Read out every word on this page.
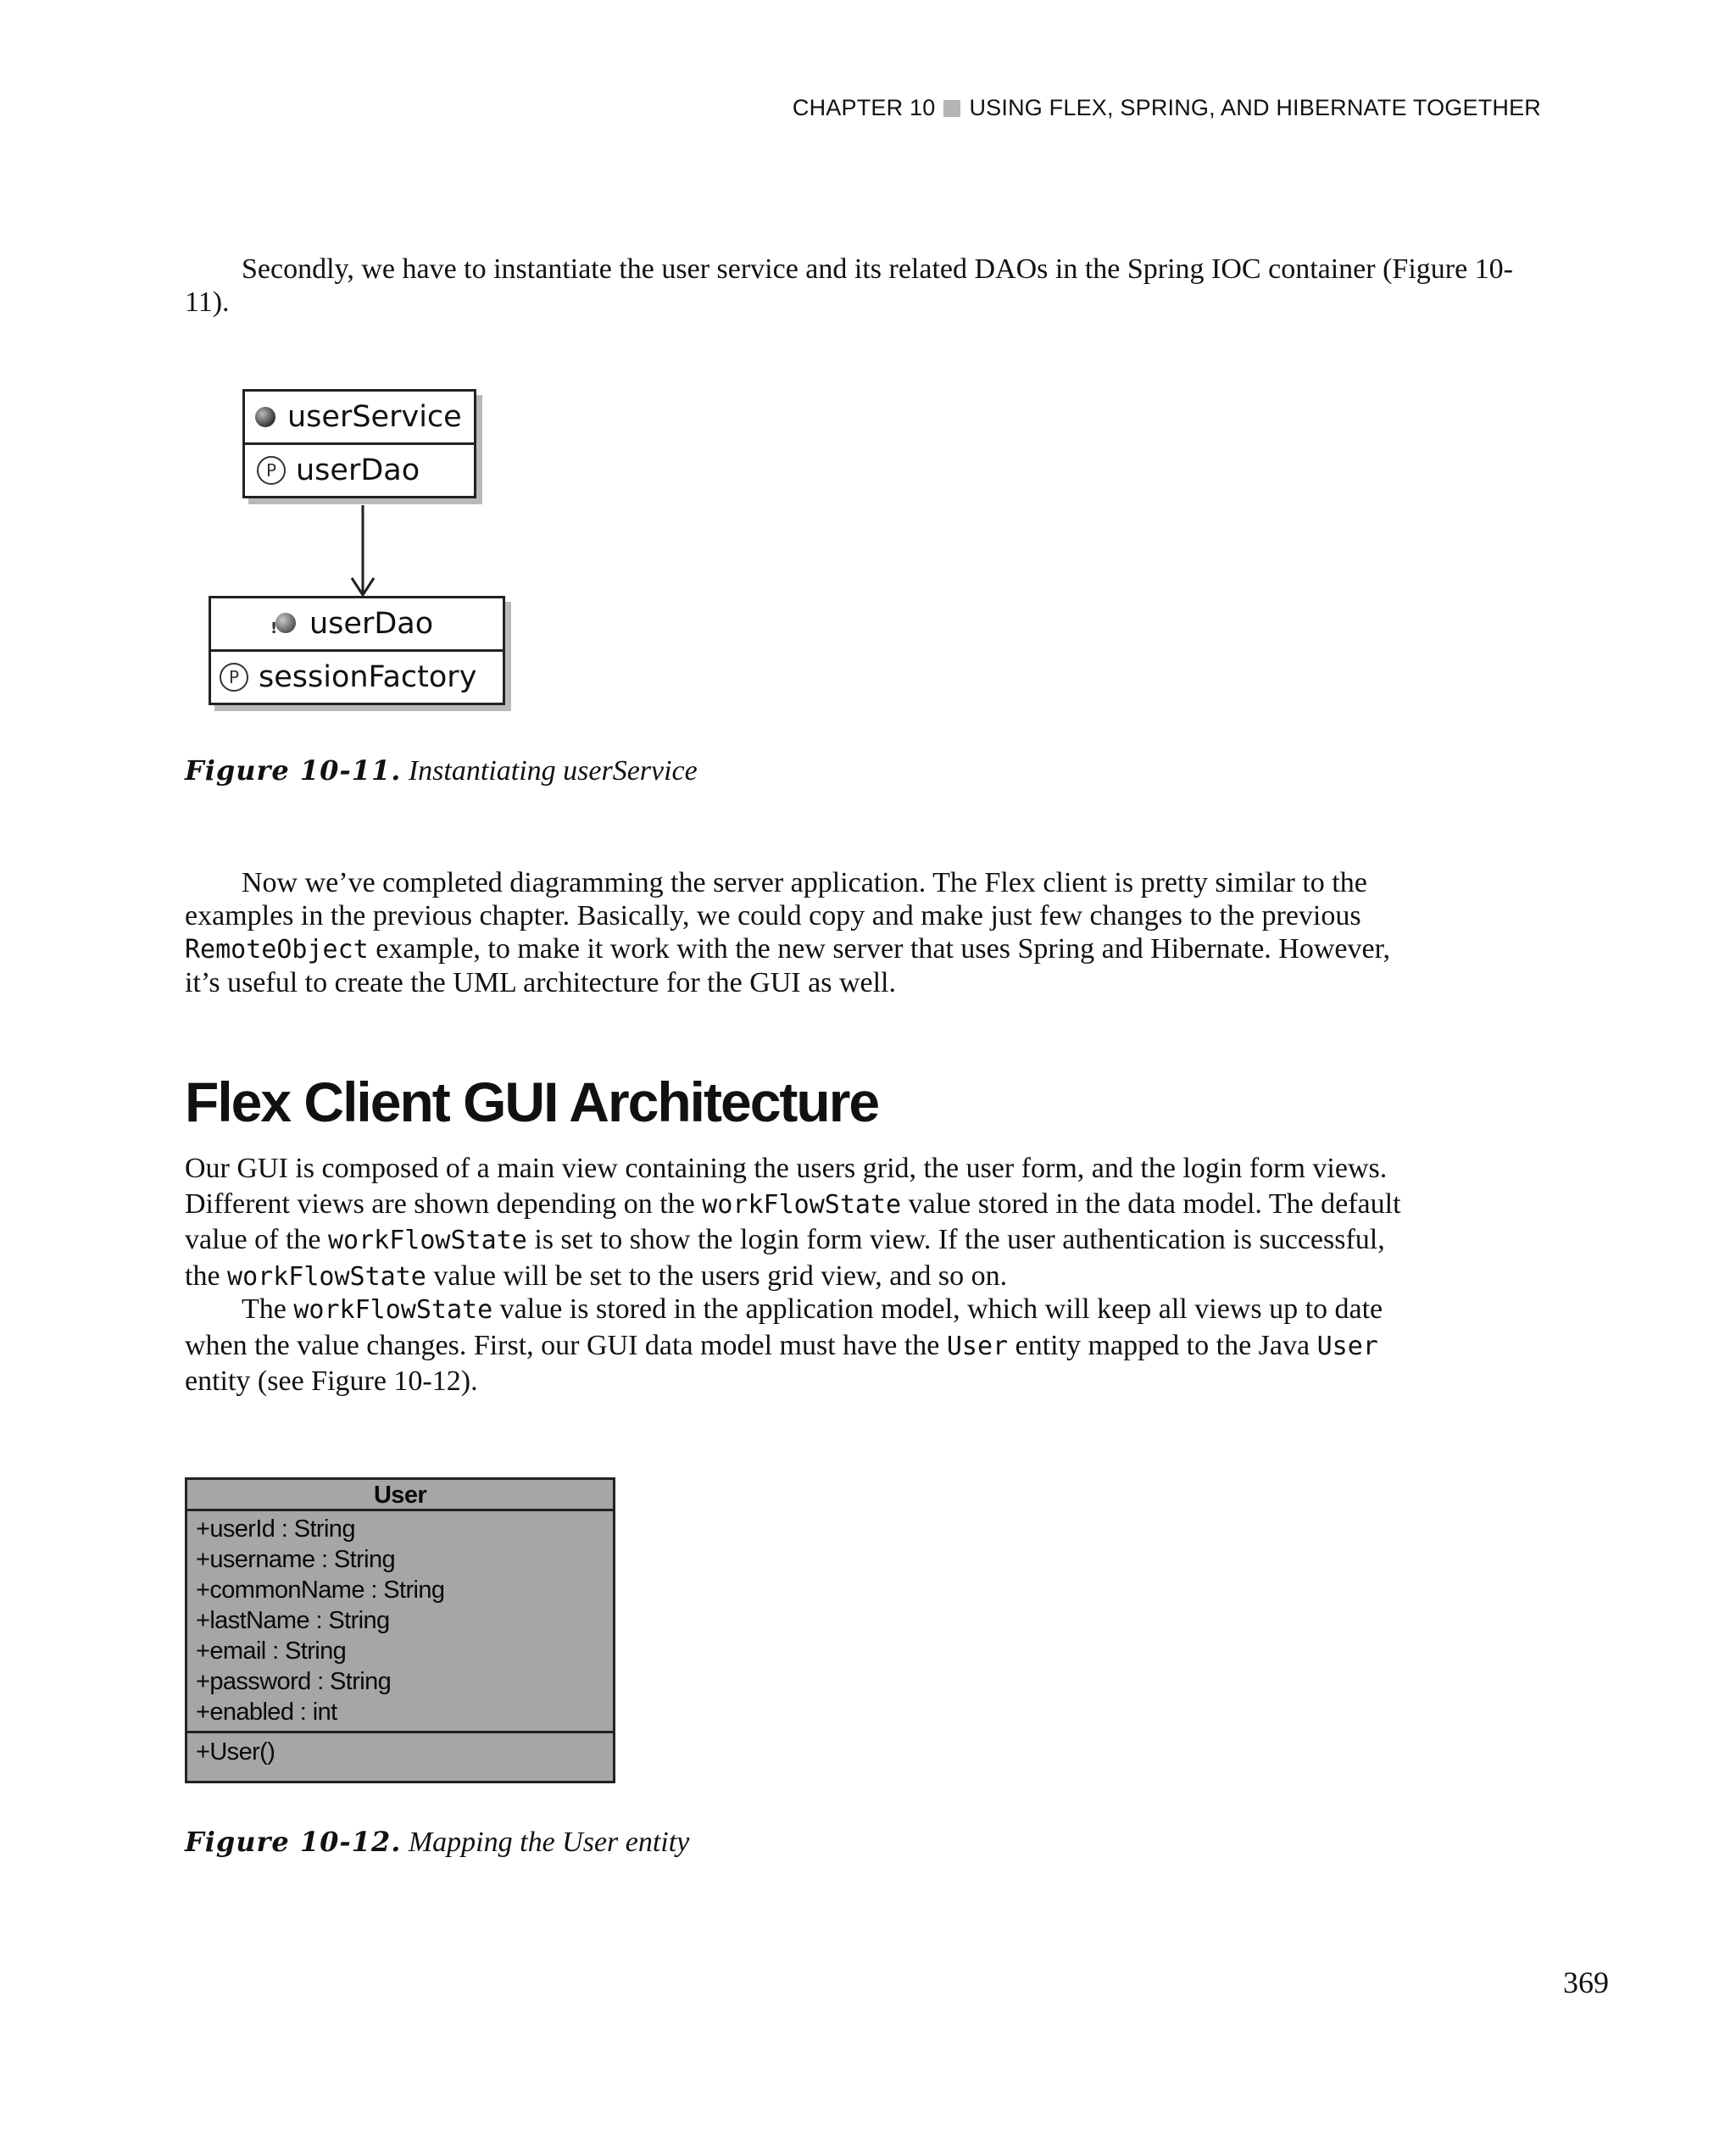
CHAPTER 10 USING FLEX, SPRING, AND HIBERNATE TOGETHER

Secondly, we have to instantiate the user service and its related DAOs in the Spring IOC container (Figure 10-11).

userService
P userDao
!
userDao
P sessionFactory
Figure 10-11. Instantiating userService

Now we’ve completed diagramming the server application. The Flex client is pretty similar to the

examples in the previous chapter. Basically, we could copy and make just few changes to the previous

RemoteObject example, to make it work with the new server that uses Spring and Hibernate. However,

it’s useful to create the UML architecture for the GUI as well.

Flex Client GUI Architecture

Our GUI is composed of a main view containing the users grid, the user form, and the login form views.

Different views are shown depending on the workFlowState value stored in the data model. The default

value of the workFlowState is set to show the login form view. If the user authentication is successful,

the workFlowState value will be set to the users grid view, and so on.

The workFlowState value is stored in the application model, which will keep all views up to date

when the value changes. First, our GUI data model must have the User entity mapped to the Java User

entity (see Figure 10-12).

User
+userId : String
+username : String
+commonName : String
+lastName : String
+email : String
+password : String
+enabled : int
+User()
Figure 10-12. Mapping the User entity
369
